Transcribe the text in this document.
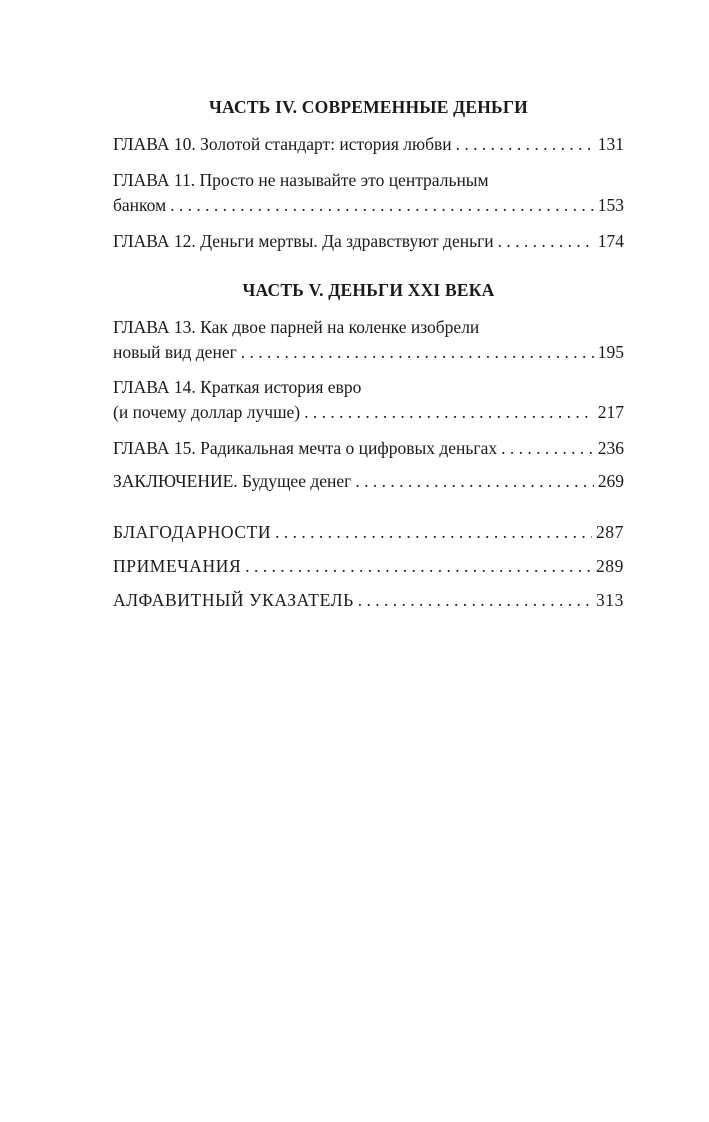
ЧАСТЬ IV. СОВРЕМЕННЫЕ ДЕНЬГИ
ГЛАВА 10. Золотой стандарт: история любви . . .	131
ГЛАВА 11. Просто не называйте это центральным
банком . . .	153
ГЛАВА 12. Деньги мертвы. Да здравствуют деньги . . .	174
ЧАСТЬ V. ДЕНЬГИ XXI ВЕКА
ГЛАВА 13. Как двое парней на коленке изобрели
новый вид денег . . .	195
ГЛАВА 14. Краткая история евро
(и почему доллар лучше) . . .	217
ГЛАВА 15. Радикальная мечта о цифровых деньгах . . .	236
ЗАКЛЮЧЕНИЕ. Будущее денег . . .	269
БЛАГОДАРНОСТИ . . .	287
ПРИМЕЧАНИЯ . . .	289
АЛФАВИТНЫЙ УКАЗАТЕЛЬ . . .	313
